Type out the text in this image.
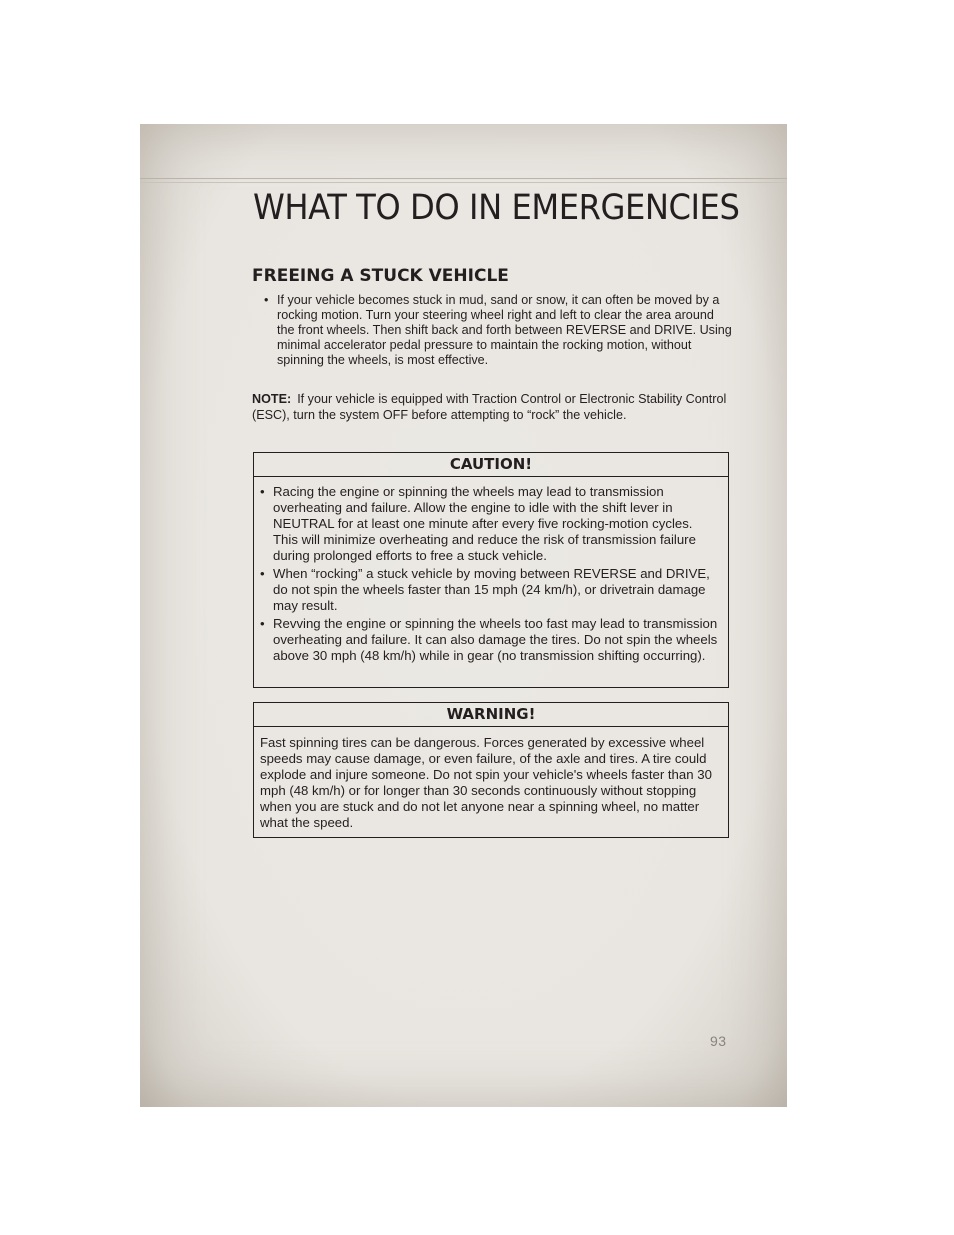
WHAT TO DO IN EMERGENCIES
FREEING A STUCK VEHICLE
• If your vehicle becomes stuck in mud, sand or snow, it can often be moved by a rocking motion. Turn your steering wheel right and left to clear the area around the front wheels. Then shift back and forth between REVERSE and DRIVE. Using minimal accelerator pedal pressure to maintain the rocking motion, without spinning the wheels, is most effective.

NOTE: If your vehicle is equipped with Traction Control or Electronic Stability Control (ESC), turn the system OFF before attempting to “rock” the vehicle.

CAUTION!
• Racing the engine or spinning the wheels may lead to transmission overheating and failure. Allow the engine to idle with the shift lever in NEUTRAL for at least one minute after every five rocking-motion cycles. This will minimize overheating and reduce the risk of transmission failure during prolonged efforts to free a stuck vehicle.
• When “rocking” a stuck vehicle by moving between REVERSE and DRIVE, do not spin the wheels faster than 15 mph (24 km/h), or drivetrain damage may result.
• Revving the engine or spinning the wheels too fast may lead to transmission overheating and failure. It can also damage the tires. Do not spin the wheels above 30 mph (48 km/h) while in gear (no transmission shifting occurring).
WARNING!

Fast spinning tires can be dangerous. Forces generated by excessive wheel speeds may cause damage, or even failure, of the axle and tires. A tire could explode and injure someone. Do not spin your vehicle's wheels faster than 30 mph (48 km/h) or for longer than 30 seconds continuously without stopping when you are stuck and do not let anyone near a spinning wheel, no matter what the speed.

93
